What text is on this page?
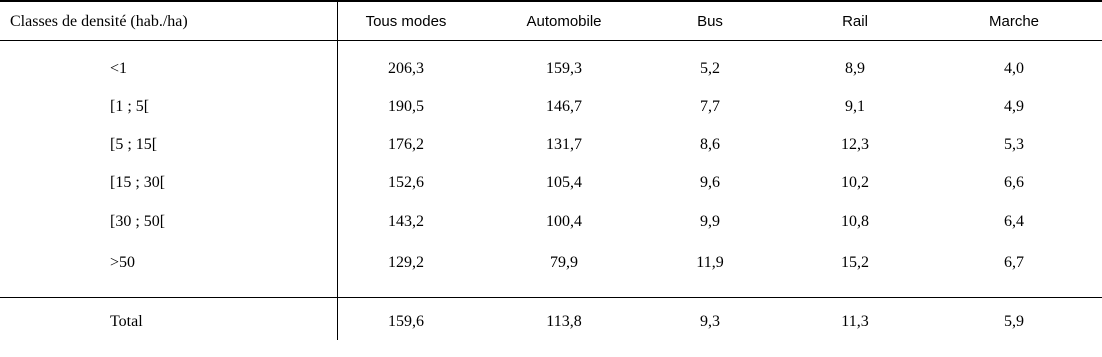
Classes de densité (hab./ha)	Tous modes	Automobile	Bus	Rail	Marche
<1	206,3	159,3	5,2	8,9	4,0
[1 ; 5[	190,5	146,7	7,7	9,1	4,9
[5 ; 15[	176,2	131,7	8,6	12,3	5,3
[15 ; 30[	152,6	105,4	9,6	10,2	6,6
[30 ; 50[	143,2	100,4	9,9	10,8	6,4
>50	129,2	79,9	11,9	15,2	6,7
Total	159,6	113,8	9,3	11,3	5,9
